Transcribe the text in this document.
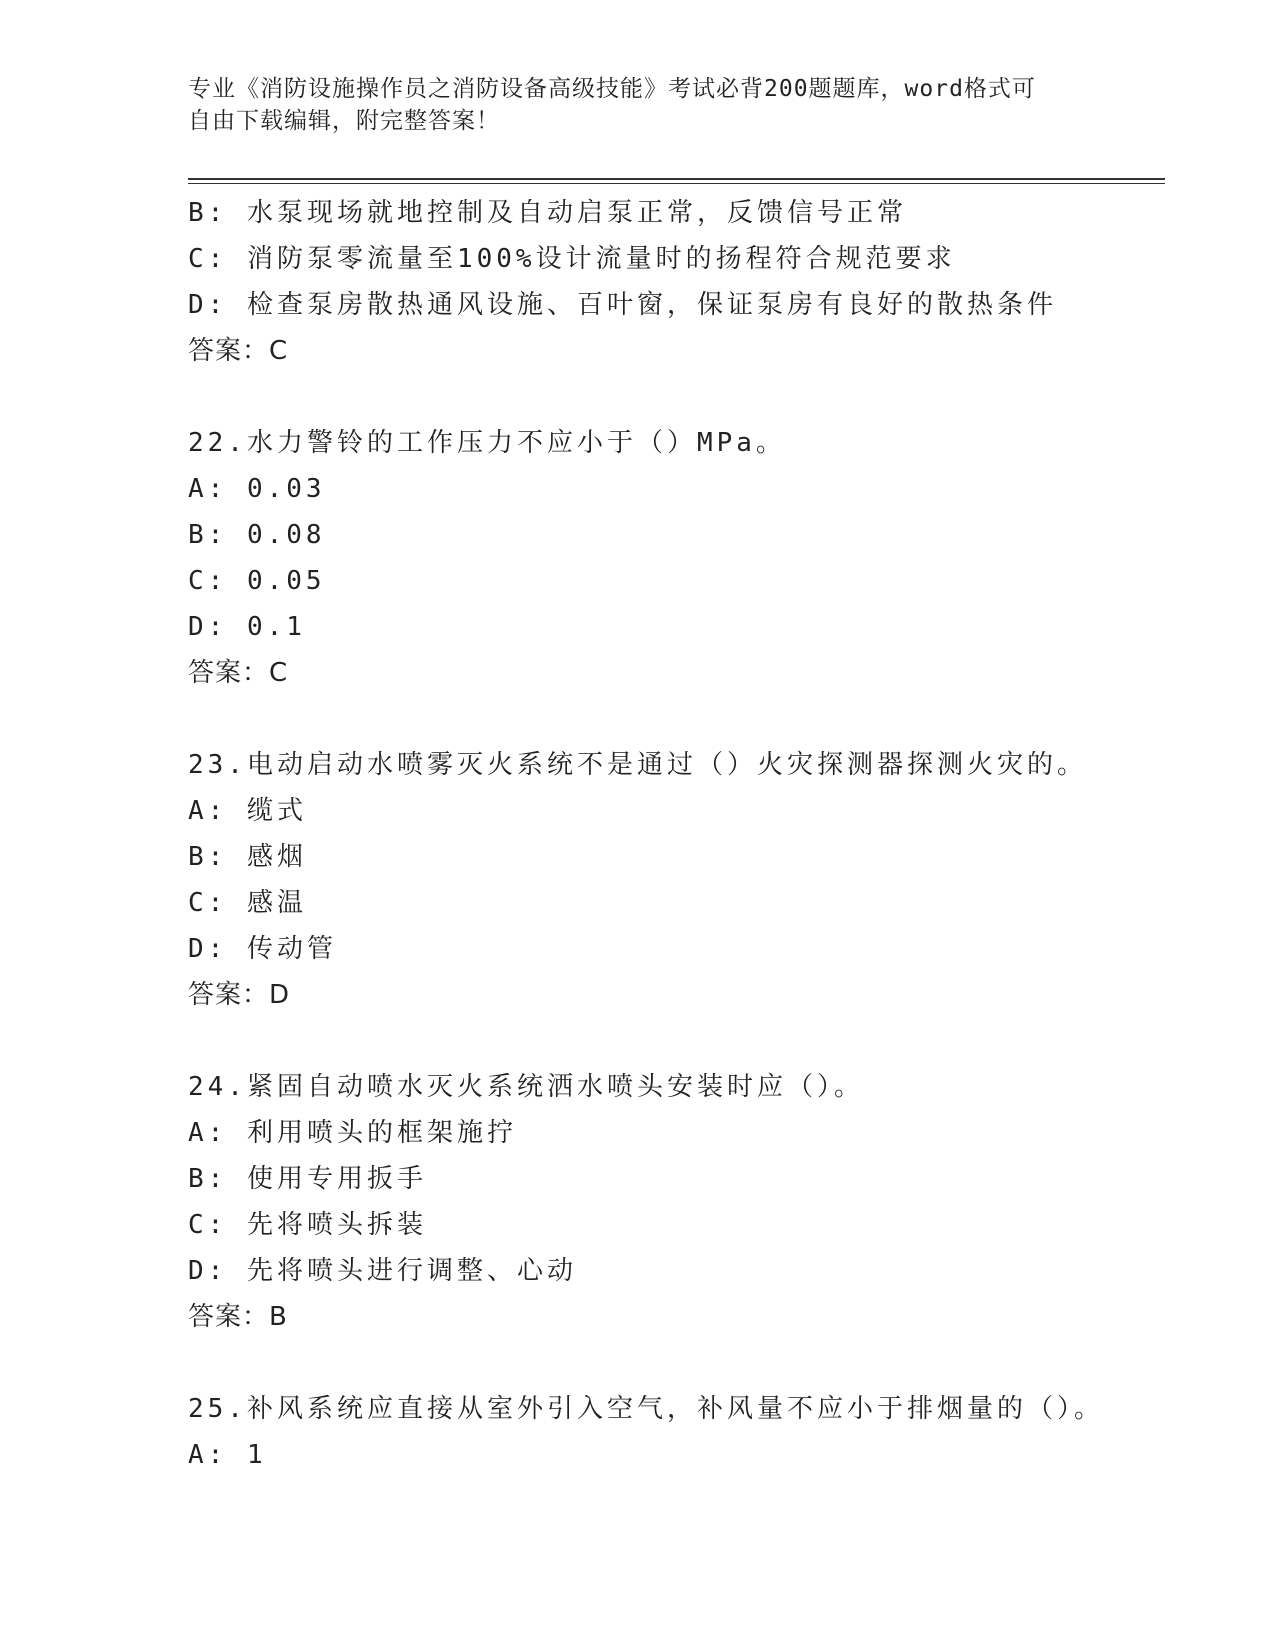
专业《消防设施操作员之消防设备高级技能》考试必背200题题库，word格式可
自由下载编辑，附完整答案！
B: 水泵现场就地控制及自动启泵正常，反馈信号正常
C: 消防泵零流量至100%设计流量时的扬程符合规范要求
D: 检查泵房散热通风设施、百叶窗，保证泵房有良好的散热条件
答案：C
22.水力警铃的工作压力不应小于（）MPa。
A: 0.03
B: 0.08
C: 0.05
D: 0.1
答案：C
23.电动启动水喷雾灭火系统不是通过（）火灾探测器探测火灾的。
A: 缆式
B: 感烟
C: 感温
D: 传动管
答案：D
24.紧固自动喷水灭火系统洒水喷头安装时应（）。
A: 利用喷头的框架施拧
B: 使用专用扳手
C: 先将喷头拆装
D: 先将喷头进行调整、心动
答案：B
25.补风系统应直接从室外引入空气，补风量不应小于排烟量的（）。
A: 1
